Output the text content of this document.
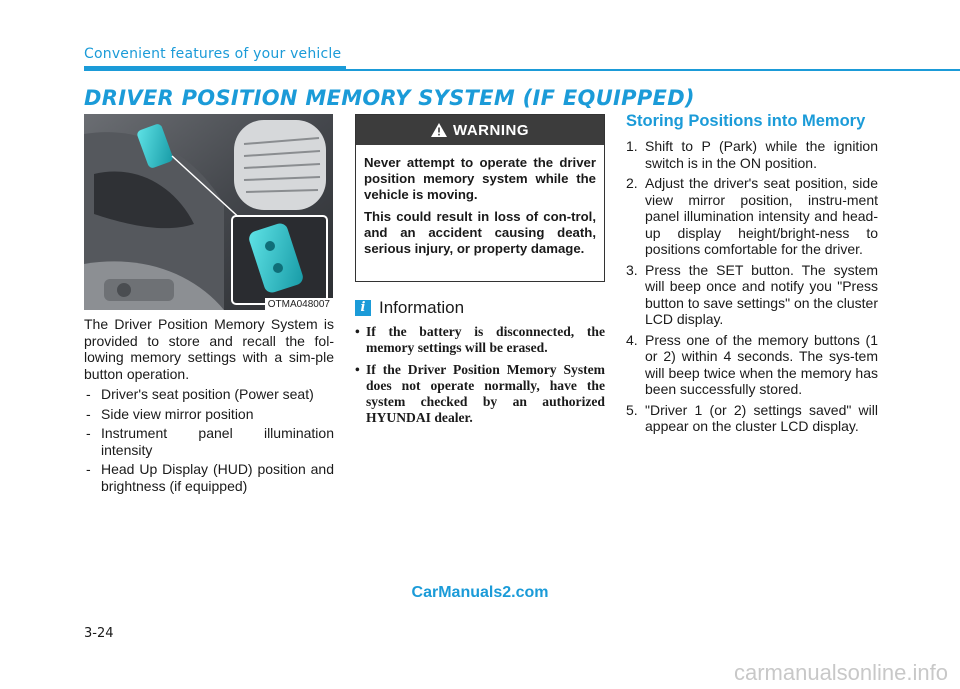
Convenient features of your vehicle
DRIVER POSITION MEMORY SYSTEM (IF EQUIPPED)
OTMA048007

The Driver Position Memory System is provided to store and recall the fol-lowing memory settings with a sim-ple button operation.

- Driver's seat position (Power seat)
- Side view mirror position
- Instrument panel illumination intensity
- Head Up Display (HUD) position and brightness (if equipped)
WARNING

Never attempt to operate the driver position memory system while the vehicle is moving.

This could result in loss of con-trol, and an accident causing death, serious injury, or property damage.

i Information
• If the battery is disconnected, the memory settings will be erased.
• If the Driver Position Memory System does not operate normally, have the system checked by an authorized HYUNDAI dealer.
Storing Positions into Memory
1. Shift to P (Park) while the ignition switch is in the ON position.
2. Adjust the driver's seat position, side view mirror position, instru-ment panel illumination intensity and head-up display height/bright-ness to positions comfortable for the driver.
3. Press the SET button. The system will beep once and notify you "Press button to save settings" on the cluster LCD display.
4. Press one of the memory buttons (1 or 2) within 4 seconds. The sys-tem will beep twice when the memory has been successfully stored.
5. "Driver 1 (or 2) settings saved" will appear on the cluster LCD display.
CarManuals2.com
3-24
carmanualsonline.info
